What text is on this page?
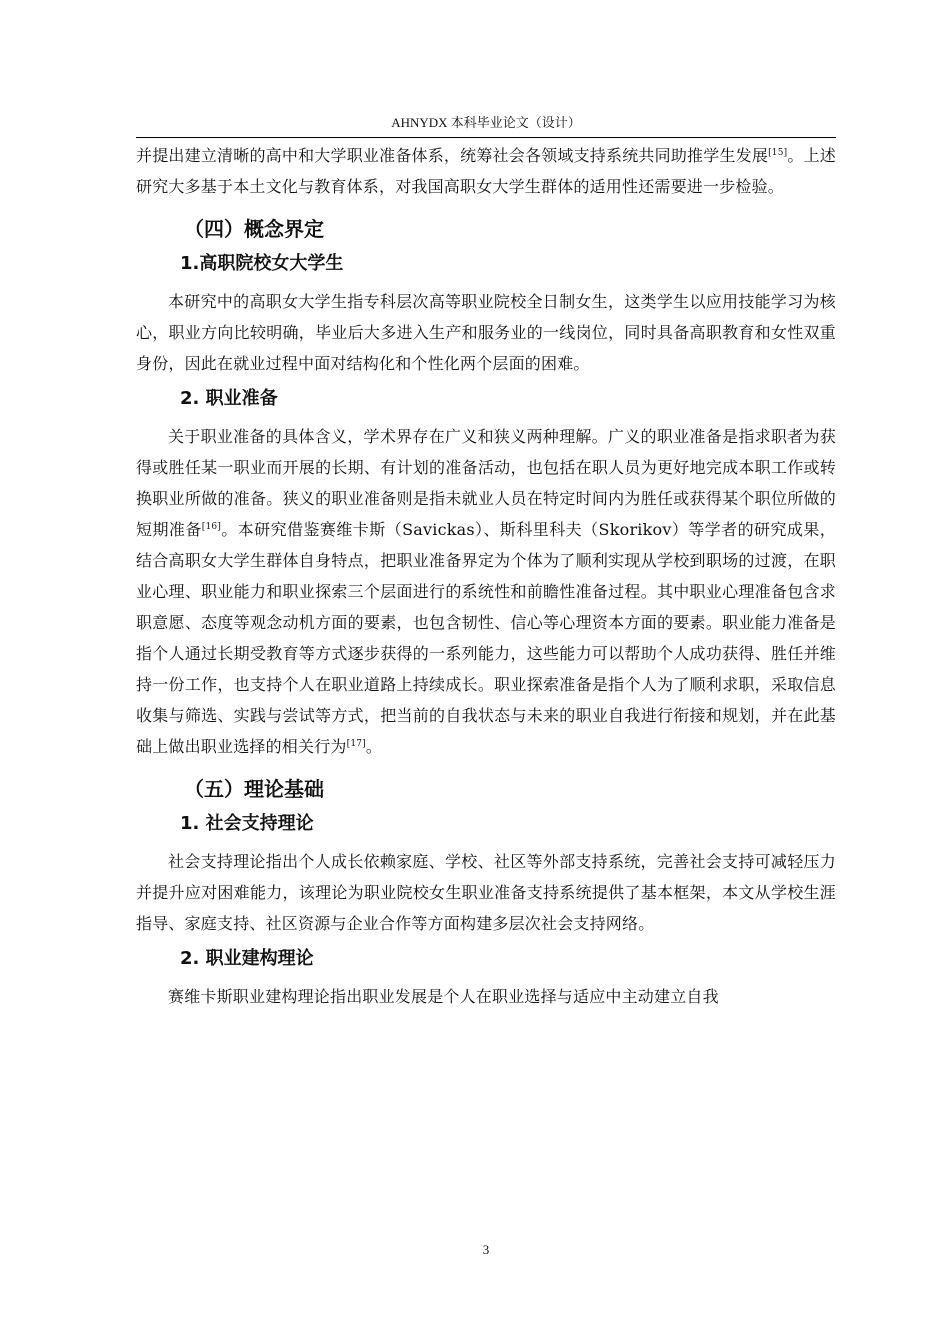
AHNYDX 本科毕业论文（设计）

并提出建立清晰的高中和大学职业准备体系，统筹社会各领域支持系统共同助推学生发展[15]。上述研究大多基于本土文化与教育体系，对我国高职女大学生群体的适用性还需要进一步检验。

（四）概念界定
1.高职院校女大学生

本研究中的高职女大学生指专科层次高等职业院校全日制女生，这类学生以应用技能学习为核心，职业方向比较明确，毕业后大多进入生产和服务业的一线岗位，同时具备高职教育和女性双重身份，因此在就业过程中面对结构化和个性化两个层面的困难。

2. 职业准备

关于职业准备的具体含义，学术界存在广义和狭义两种理解。广义的职业准备是指求职者为获得或胜任某一职业而开展的长期、有计划的准备活动，也包括在职人员为更好地完成本职工作或转换职业所做的准备。狭义的职业准备则是指未就业人员在特定时间内为胜任或获得某个职位所做的短期准备[16]。本研究借鉴赛维卡斯（Savickas）、斯科里科夫（Skorikov）等学者的研究成果，结合高职女大学生群体自身特点，把职业准备界定为个体为了顺利实现从学校到职场的过渡，在职业心理、职业能力和职业探索三个层面进行的系统性和前瞻性准备过程。其中职业心理准备包含求职意愿、态度等观念动机方面的要素，也包含韧性、信心等心理资本方面的要素。职业能力准备是指个人通过长期受教育等方式逐步获得的一系列能力，这些能力可以帮助个人成功获得、胜任并维持一份工作，也支持个人在职业道路上持续成长。职业探索准备是指个人为了顺利求职，采取信息收集与筛选、实践与尝试等方式，把当前的自我状态与未来的职业自我进行衔接和规划，并在此基础上做出职业选择的相关行为[17]。

（五）理论基础
1. 社会支持理论

社会支持理论指出个人成长依赖家庭、学校、社区等外部支持系统，完善社会支持可减轻压力并提升应对困难能力，该理论为职业院校女生职业准备支持系统提供了基本框架，本文从学校生涯指导、家庭支持、社区资源与企业合作等方面构建多层次社会支持网络。

2. 职业建构理论

赛维卡斯职业建构理论指出职业发展是个人在职业选择与适应中主动建立自我

3
